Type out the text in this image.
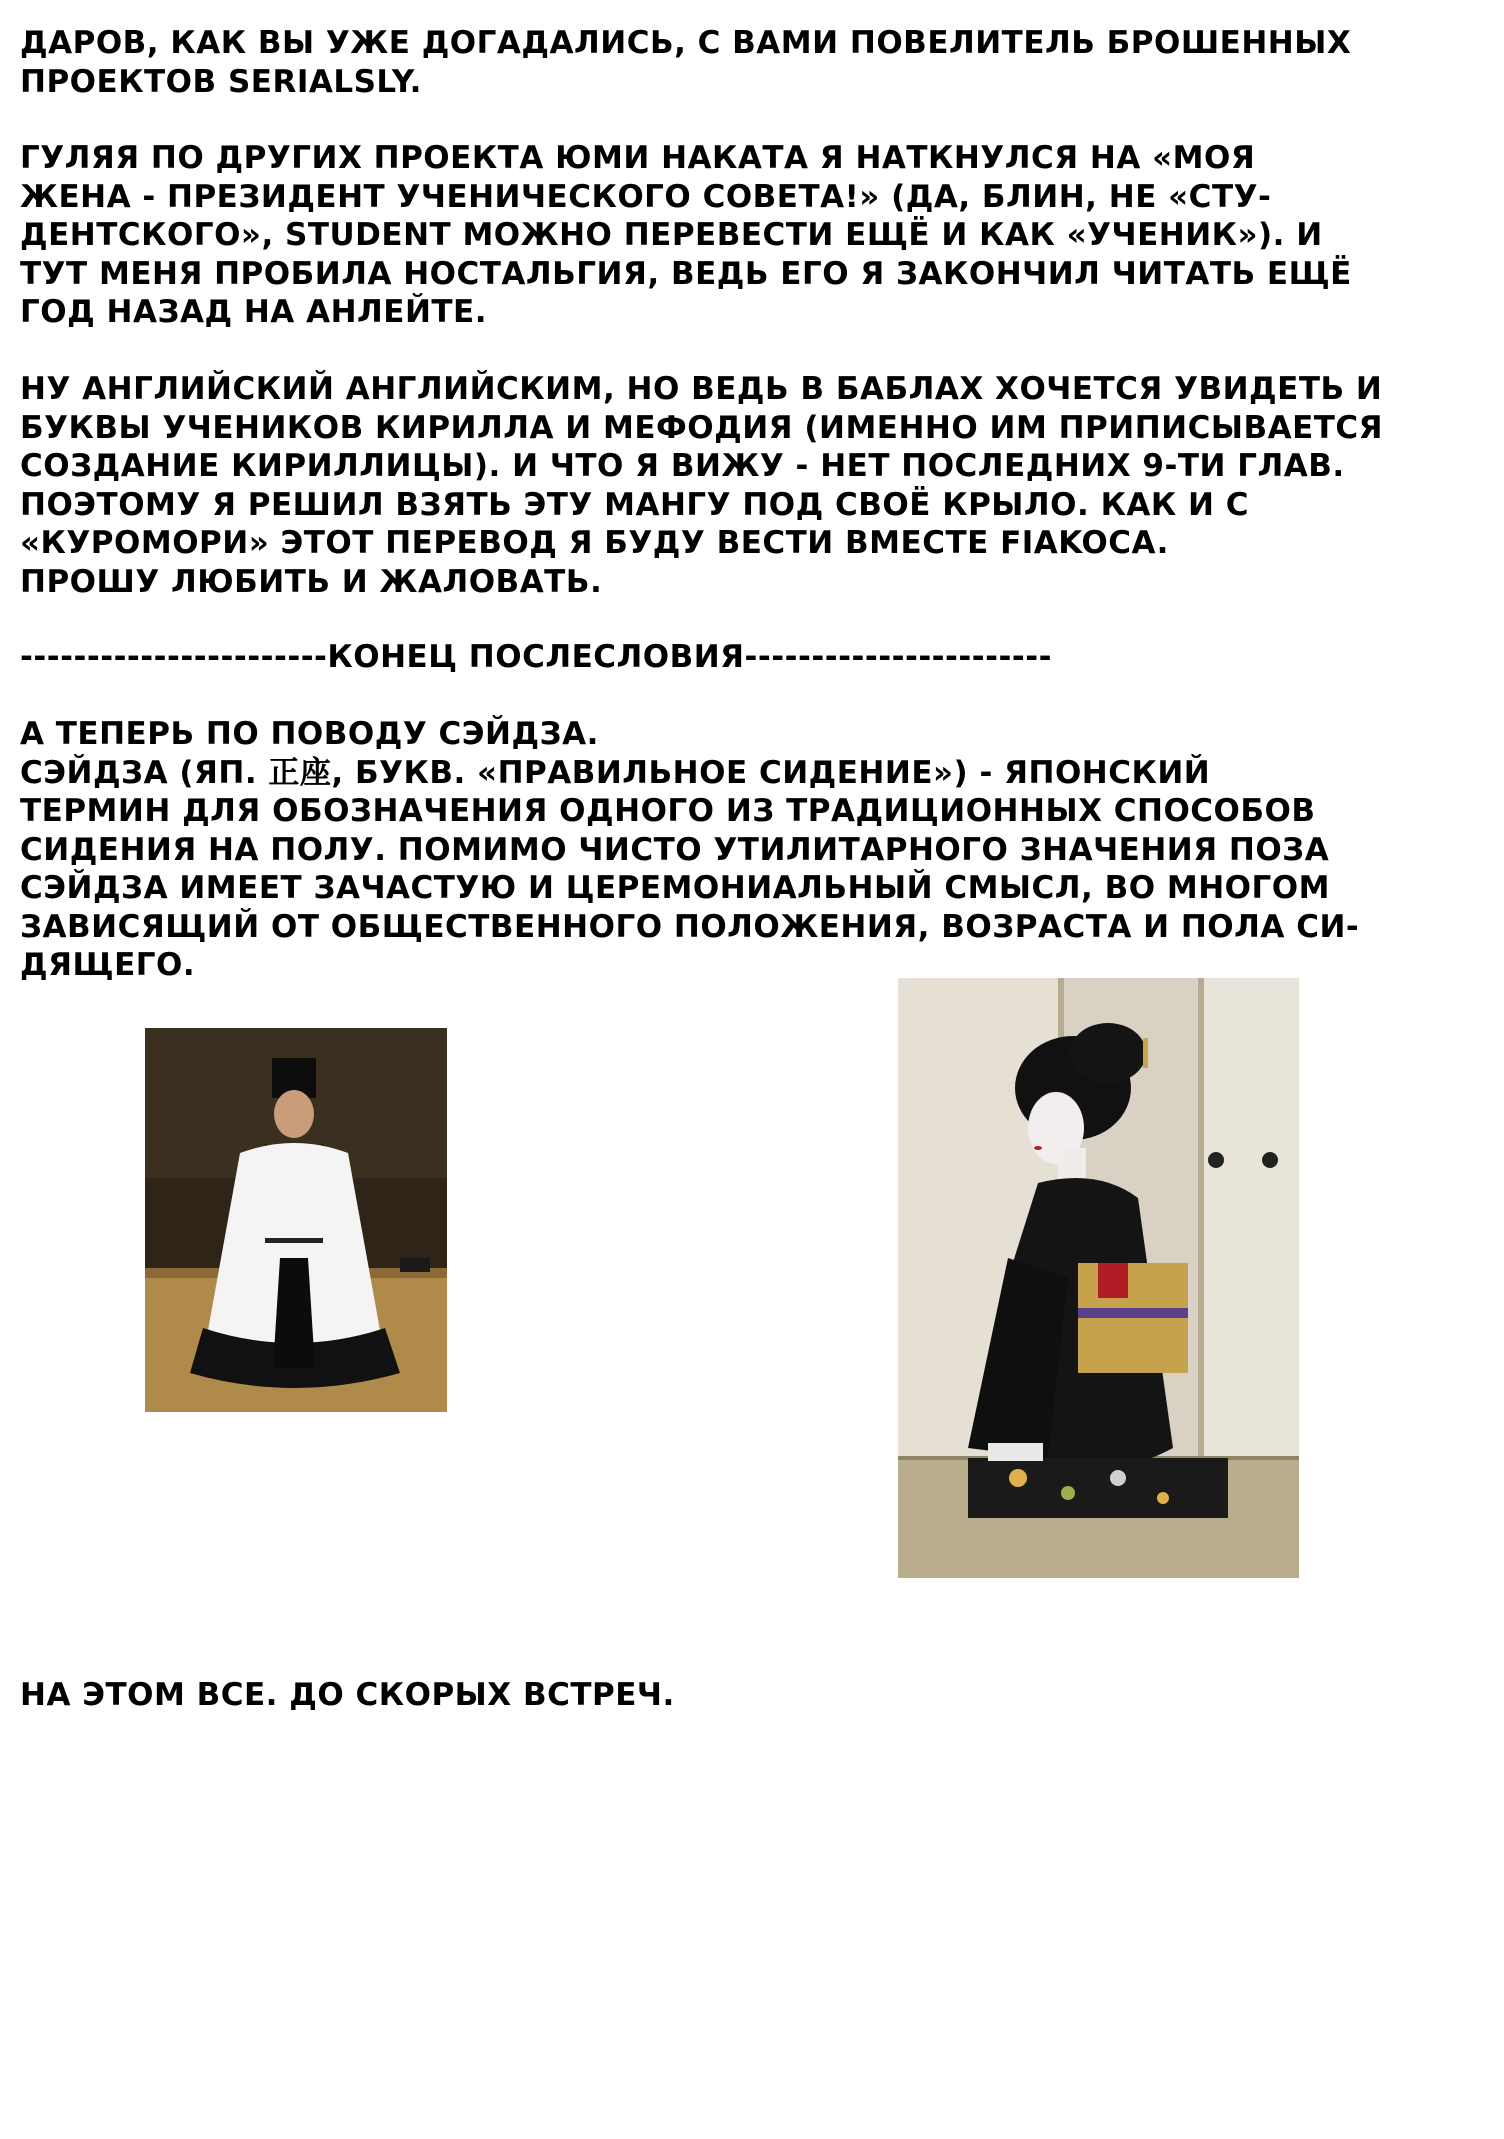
ДАРОВ, КАК ВЫ УЖЕ ДОГАДАЛИСЬ, С ВАМИ ПОВЕЛИТЕЛЬ БРОШЕННЫХ
ПРОЕКТОВ SERIALSLY.
ГУЛЯЯ ПО ДРУГИХ ПРОЕКТА ЮМИ НАКАТА Я НАТКНУЛСЯ НА «МОЯ
ЖЕНА - ПРЕЗИДЕНТ УЧЕНИЧЕСКОГО СОВЕТА!» (ДА, БЛИН, НЕ «СТУ-
ДЕНТСКОГО», STUDENT МОЖНО ПЕРЕВЕСТИ ЕЩЁ И КАК «УЧЕНИК»). И
ТУТ МЕНЯ ПРОБИЛА НОСТАЛЬГИЯ, ВЕДЬ ЕГО Я ЗАКОНЧИЛ ЧИТАТЬ ЕЩЁ
ГОД НАЗАД НА АНЛЕЙТЕ.
НУ АНГЛИЙСКИЙ АНГЛИЙСКИМ, НО ВЕДЬ В БАБЛАХ ХОЧЕТСЯ УВИДЕТЬ И
БУКВЫ УЧЕНИКОВ КИРИЛЛА И МЕФОДИЯ (ИМЕННО ИМ ПРИПИСЫВАЕТСЯ
СОЗДАНИЕ КИРИЛЛИЦЫ). И ЧТО Я ВИЖУ - НЕТ ПОСЛЕДНИХ 9-ТИ ГЛАВ.
ПОЭТОМУ Я РЕШИЛ ВЗЯТЬ ЭТУ МАНГУ ПОД СВОЁ КРЫЛО. КАК И С
«КУРОМОРИ» ЭТОТ ПЕРЕВОД Я БУДУ ВЕСТИ ВМЕСТЕ FIAKOCA.
ПРОШУ ЛЮБИТЬ И ЖАЛОВАТЬ.
-----------------------КОНЕЦ ПОСЛЕСЛОВИЯ-----------------------
А ТЕПЕРЬ ПО ПОВОДУ СЭЙДЗА.
СЭЙДЗА (ЯП. 正座, БУКВ. «ПРАВИЛЬНОЕ СИДЕНИЕ») - ЯПОНСКИЙ
ТЕРМИН ДЛЯ ОБОЗНАЧЕНИЯ ОДНОГО ИЗ ТРАДИЦИОННЫХ СПОСОБОВ
СИДЕНИЯ НА ПОЛУ. ПОМИМО ЧИСТО УТИЛИТАРНОГО ЗНАЧЕНИЯ ПОЗА
СЭЙДЗА ИМЕЕТ ЗАЧАСТУЮ И ЦЕРЕМОНИАЛЬНЫЙ СМЫСЛ, ВО МНОГОМ
ЗАВИСЯЩИЙ ОТ ОБЩЕСТВЕННОГО ПОЛОЖЕНИЯ, ВОЗРАСТА И ПОЛА СИ-
ДЯЩЕГО.
НА ЭТОМ ВСЕ. ДО СКОРЫХ ВСТРЕЧ.
